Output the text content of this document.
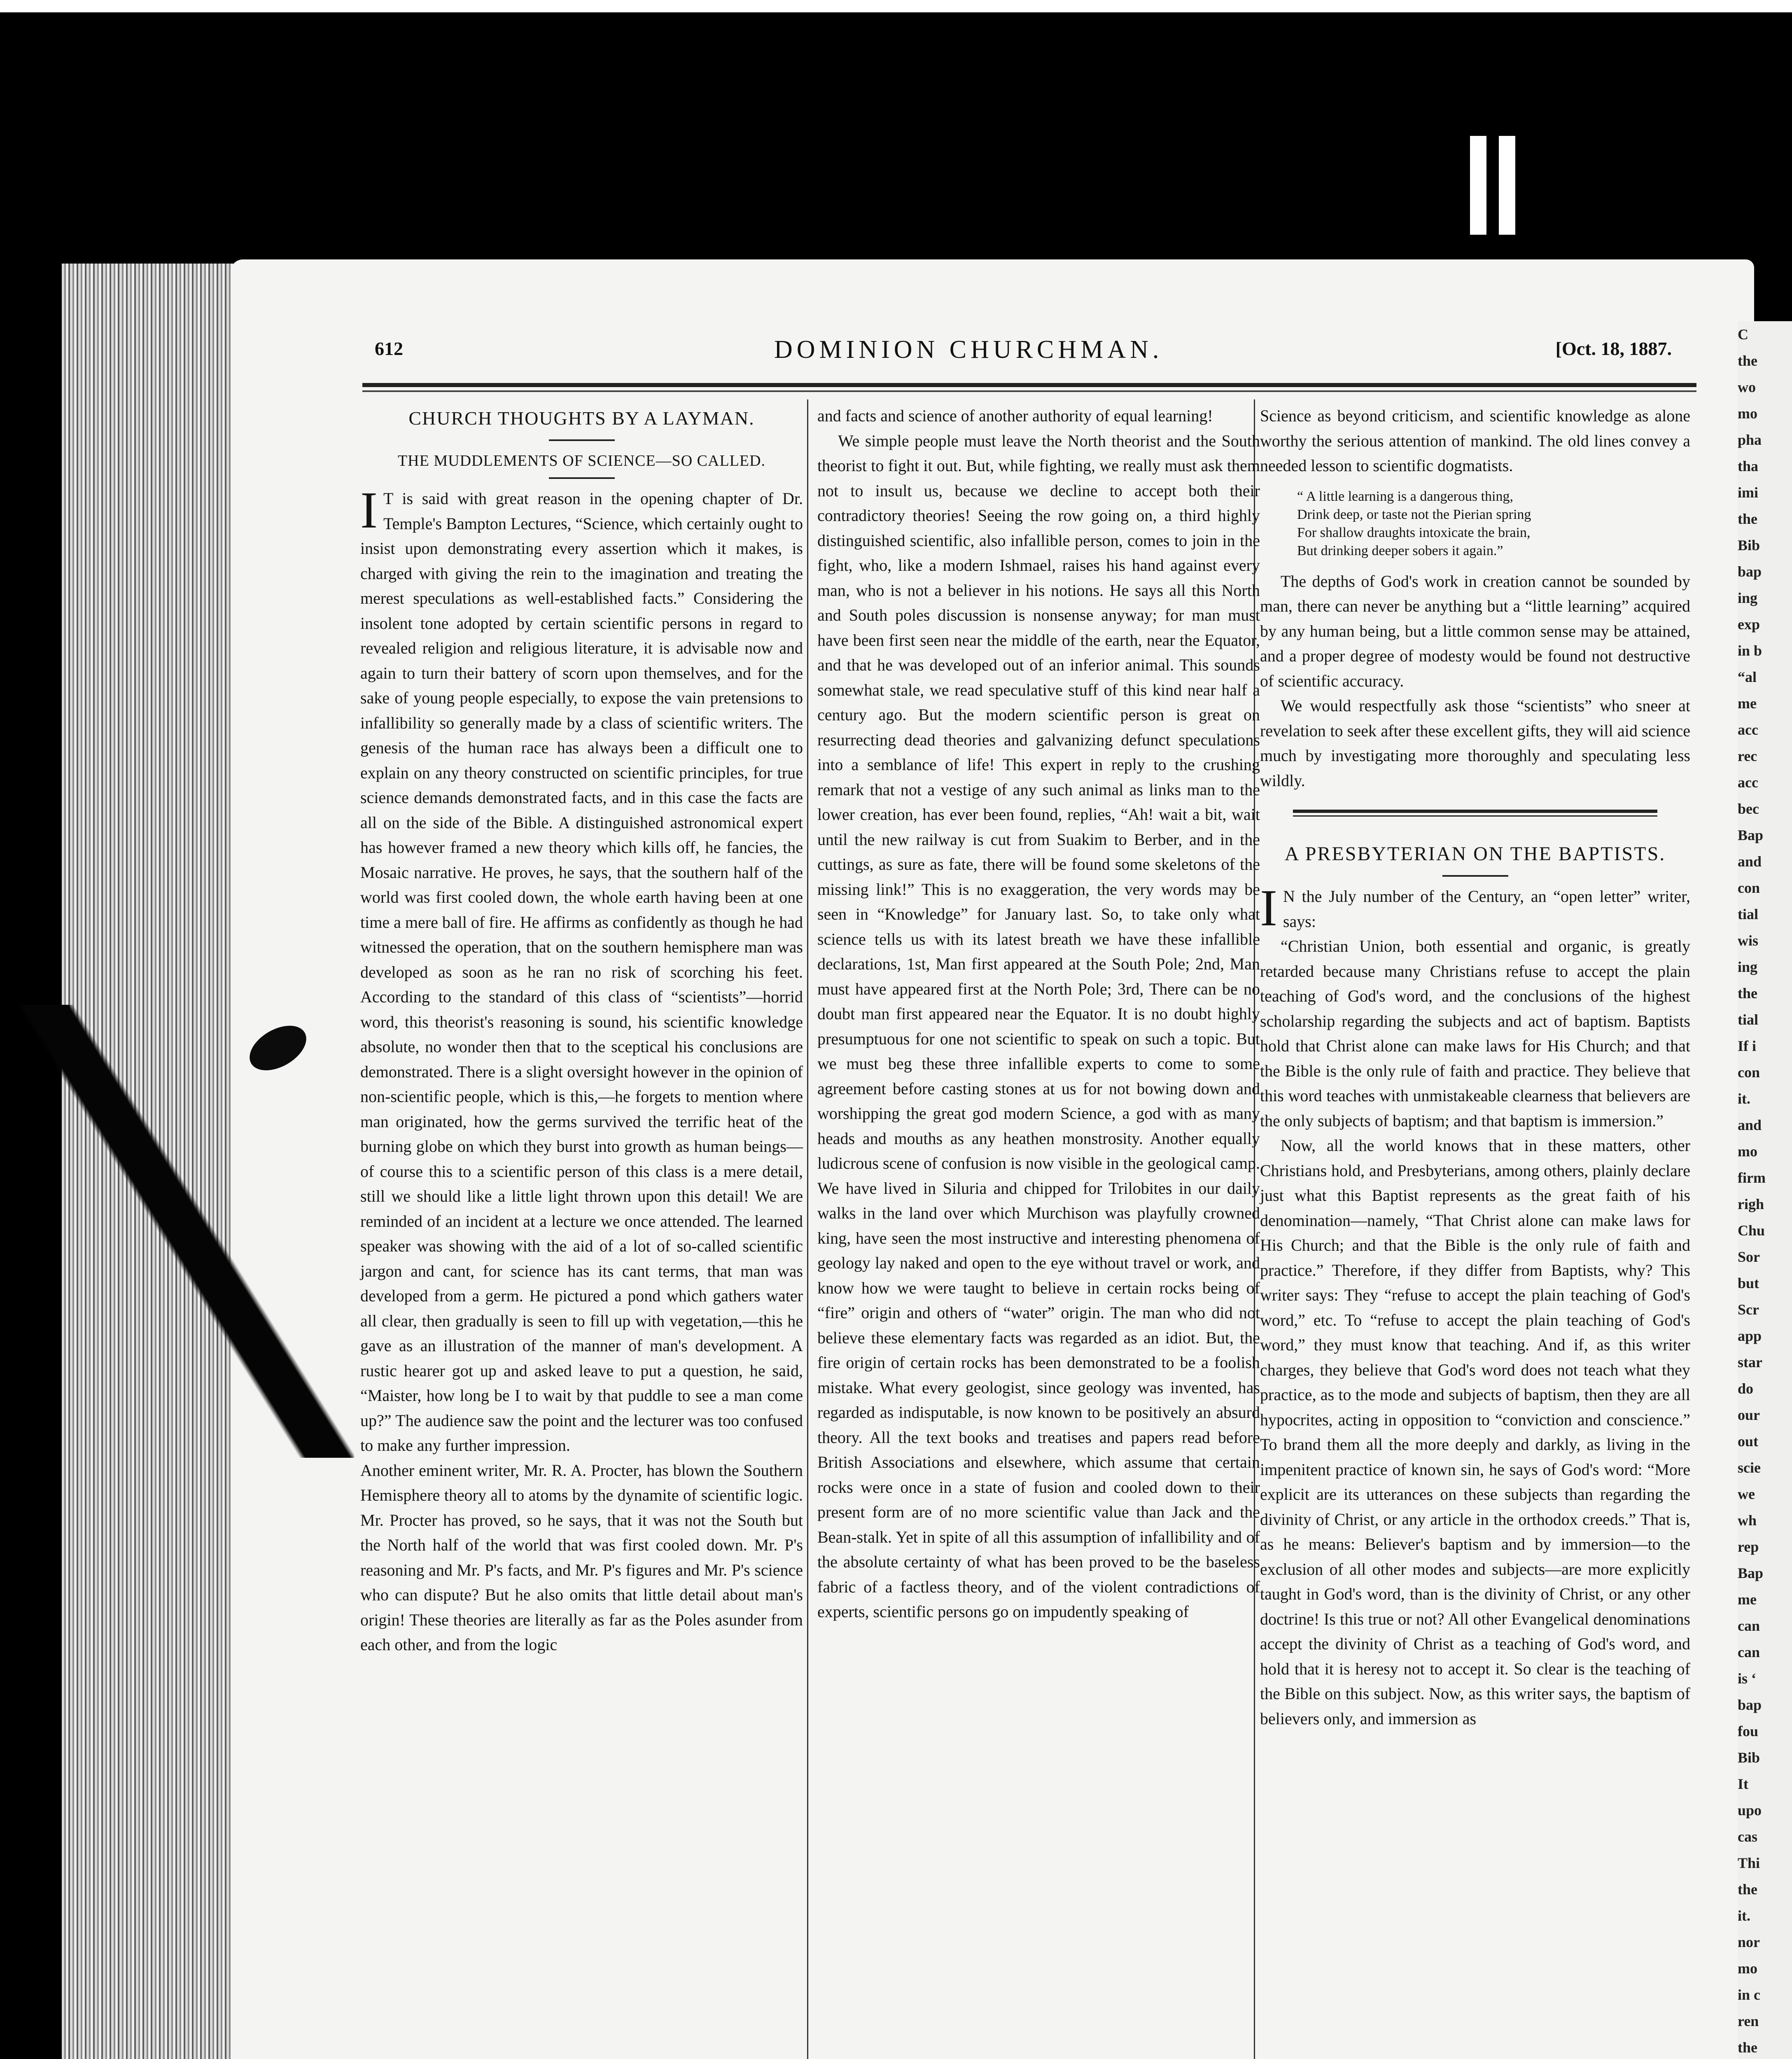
C
the
wo
mo
pha
tha
imi
the
Bib
bap
ing
exp
in b
“al
me
acc
rec
acc
bec
Bap
and
con
tial
wis
ing
the
tial
If i
con
it.
and
mo
firm
righ
Chu
Sor
but
Scr
app
star
do
our
out
scie
we
wh
rep
Bap
me
can
can
is ‘
bap
fou
Bib
It
upo
cas
Thi
the
it.
nor
mo
in c
ren
the
612	DOMINION CHURCHMAN.	[Oct. 18, 1887.
CHURCH THOUGHTS BY A LAYMAN.
THE MUDDLEMENTS OF SCIENCE—SO CALLED.

I T is said with great reason in the opening chapter of Dr. Temple's Bampton Lectures, “Science, which certainly ought to insist upon demonstrating every assertion which it makes, is charged with giving the rein to the imagination and treating the merest speculations as well-established facts.” Considering the insolent tone adopted by certain scientific persons in regard to revealed religion and religious literature, it is advisable now and again to turn their battery of scorn upon themselves, and for the sake of young people especially, to expose the vain pretensions to infallibility so generally made by a class of scientific writers. The genesis of the human race has always been a difficult one to explain on any theory constructed on scientific principles, for true science demands demonstrated facts, and in this case the facts are all on the side of the Bible. A distinguished astronomical expert has however framed a new theory which kills off, he fancies, the Mosaic narrative. He proves, he says, that the southern half of the world was first cooled down, the whole earth having been at one time a mere ball of fire. He affirms as confidently as though he had witnessed the operation, that on the southern hemisphere man was developed as soon as he ran no risk of scorching his feet. According to the standard of this class of “scientists”—horrid word, this theorist's reasoning is sound, his scientific knowledge absolute, no wonder then that to the sceptical his conclusions are demonstrated. There is a slight oversight however in the opinion of non-scientific people, which is this,—he forgets to mention where man originated, how the germs survived the terrific heat of the burning globe on which they burst into growth as human beings—of course this to a scientific person of this class is a mere detail, still we should like a little light thrown upon this detail! We are reminded of an incident at a lecture we once attended. The learned speaker was showing with the aid of a lot of so-called scientific jargon and cant, for science has its cant terms, that man was developed from a germ. He pictured a pond which gathers water all clear, then gradually is seen to fill up with vegetation,—this he gave as an illustration of the manner of man's development. A rustic hearer got up and asked leave to put a question, he said, “Maister, how long be I to wait by that puddle to see a man come up?” The audience saw the point and the lecturer was too confused to make any further impression.

Another eminent writer, Mr. R. A. Procter, has blown the Southern Hemisphere theory all to atoms by the dynamite of scientific logic. Mr. Procter has proved, so he says, that it was not the South but the North half of the world that was first cooled down. Mr. P's reasoning and Mr. P's facts, and Mr. P's figures and Mr. P's science who can dispute? But he also omits that little detail about man's origin! These theories are literally as far as the Poles asunder from each other, and from the logic

and facts and science of another authority of equal learning!

We simple people must leave the North theorist and the South theorist to fight it out. But, while fighting, we really must ask them not to insult us, because we decline to accept both their contradictory theories! Seeing the row going on, a third highly distinguished scientific, also infallible person, comes to join in the fight, who, like a modern Ishmael, raises his hand against every man, who is not a believer in his notions. He says all this North and South poles discussion is nonsense anyway; for man must have been first seen near the middle of the earth, near the Equator, and that he was developed out of an inferior animal. This sounds somewhat stale, we read speculative stuff of this kind near half a century ago. But the modern scientific person is great on resurrecting dead theories and galvanizing defunct speculations into a semblance of life! This expert in reply to the crushing remark that not a vestige of any such animal as links man to the lower creation, has ever been found, replies, “Ah! wait a bit, wait until the new railway is cut from Suakim to Berber, and in the cuttings, as sure as fate, there will be found some skeletons of the missing link!” This is no exaggeration, the very words may be seen in “Knowledge” for January last. So, to take only what science tells us with its latest breath we have these infallible declarations, 1st, Man first appeared at the South Pole; 2nd, Man must have appeared first at the North Pole; 3rd, There can be no doubt man first appeared near the Equator. It is no doubt highly presumptuous for one not scientific to speak on such a topic. But we must beg these three infallible experts to come to some agreement before casting stones at us for not bowing down and worshipping the great god modern Science, a god with as many heads and mouths as any heathen monstrosity. Another equally ludicrous scene of confusion is now visible in the geological camp. We have lived in Siluria and chipped for Trilobites in our daily walks in the land over which Murchison was playfully crowned king, have seen the most instructive and interesting phenomena of geology lay naked and open to the eye without travel or work, and know how we were taught to believe in certain rocks being of “fire” origin and others of “water” origin. The man who did not believe these elementary facts was regarded as an idiot. But, the fire origin of certain rocks has been demonstrated to be a foolish mistake. What every geologist, since geology was invented, has regarded as indisputable, is now known to be positively an absurd theory. All the text books and treatises and papers read before British Associations and elsewhere, which assume that certain rocks were once in a state of fusion and cooled down to their present form are of no more scientific value than Jack and the Bean-stalk. Yet in spite of all this assumption of infallibility and of the absolute certainty of what has been proved to be the baseless fabric of a factless theory, and of the violent contradictions of experts, scientific persons go on impudently speaking of

Science as beyond criticism, and scientific knowledge as alone worthy the serious attention of mankind. The old lines convey a needed lesson to scientific dogmatists.

“ A little learning is a dangerous thing,
Drink deep, or taste not the Pierian spring
For shallow draughts intoxicate the brain,
But drinking deeper sobers it again.”

The depths of God's work in creation cannot be sounded by man, there can never be anything but a “little learning” acquired by any human being, but a little common sense may be attained, and a proper degree of modesty would be found not destructive of scientific accuracy.

We would respectfully ask those “scientists” who sneer at revelation to seek after these excellent gifts, they will aid science much by investigating more thoroughly and speculating less wildly.

A PRESBYTERIAN ON THE BAPTISTS.

I N the July number of the Century, an “open letter” writer, says:

“Christian Union, both essential and organic, is greatly retarded because many Christians refuse to accept the plain teaching of God's word, and the conclusions of the highest scholarship regarding the subjects and act of baptism. Baptists hold that Christ alone can make laws for His Church; and that the Bible is the only rule of faith and practice. They believe that this word teaches with unmistakeable clearness that believers are the only subjects of baptism; and that baptism is immersion.”

Now, all the world knows that in these matters, other Christians hold, and Presbyterians, among others, plainly declare just what this Baptist represents as the great faith of his denomination—namely, “That Christ alone can make laws for His Church; and that the Bible is the only rule of faith and practice.” Therefore, if they differ from Baptists, why? This writer says: They “refuse to accept the plain teaching of God's word,” etc. To “refuse to accept the plain teaching of God's word,” they must know that teaching. And if, as this writer charges, they believe that God's word does not teach what they practice, as to the mode and subjects of baptism, then they are all hypocrites, acting in opposition to “conviction and conscience.” To brand them all the more deeply and darkly, as living in the impenitent practice of known sin, he says of God's word: “More explicit are its utterances on these subjects than regarding the divinity of Christ, or any article in the orthodox creeds.” That is, as he means: Believer's baptism and by immersion—to the exclusion of all other modes and subjects—are more explicitly taught in God's word, than is the divinity of Christ, or any other doctrine! Is this true or not? All other Evangelical denominations accept the divinity of Christ as a teaching of God's word, and hold that it is heresy not to accept it. So clear is the teaching of the Bible on this subject. Now, as this writer says, the baptism of believers only, and immersion as
